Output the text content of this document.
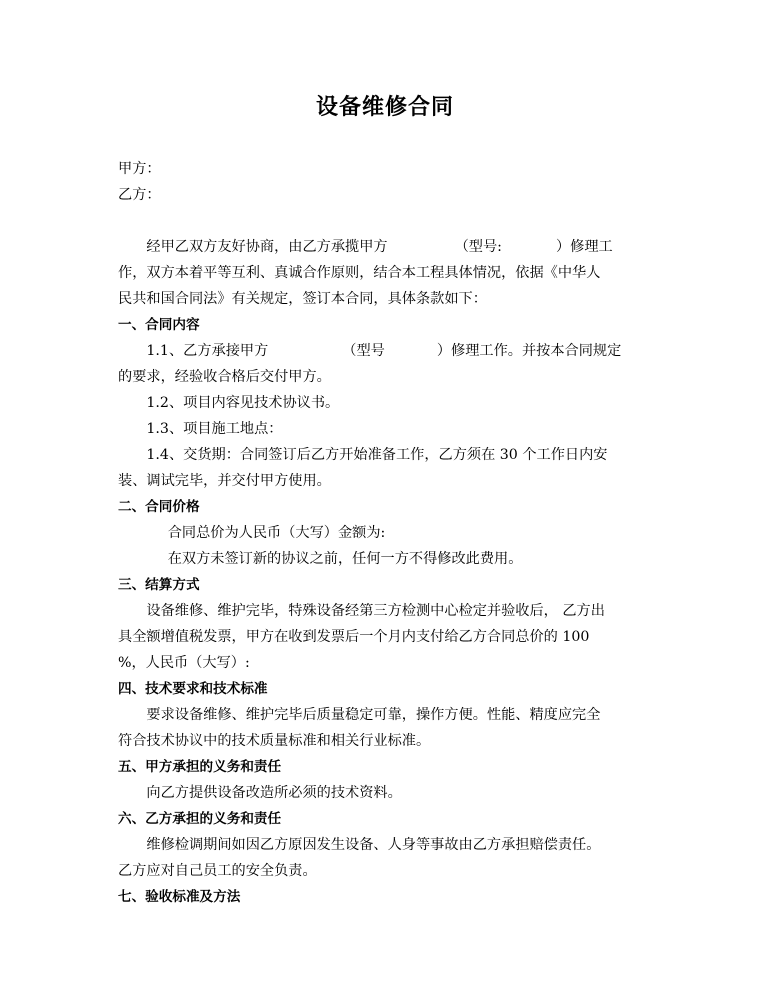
设备维修合同
甲方：
乙方：
经甲乙双方友好协商，由乙方承揽甲方	（型号:	）修理工
作，双方本着平等互利、真诚合作原则，结合本工程具体情况，依据《中华人
民共和国合同法》有关规定，签订本合同，具体条款如下：
一、合同内容
1.1、乙方承接甲方	（型号	）修理工作。并按本合同规定
的要求，经验收合格后交付甲方。
1.2、项目内容见技术协议书。
1.3、项目施工地点：
1.4、交货期：合同签订后乙方开始准备工作，乙方须在 30 个工作日内安
装、调试完毕，并交付甲方使用。
二、合同价格
合同总价为人民币（大写）金额为:
在双方未签订新的协议之前，任何一方不得修改此费用。
三、结算方式
设备维修、维护完毕，特殊设备经第三方检测中心检定并验收后， 乙方出
具全额增值税发票，甲方在收到发票后一个月内支付给乙方合同总价的 100
%，人民币（大写）:
四、技术要求和技术标准
要求设备维修、维护完毕后质量稳定可靠，操作方便。性能、精度应完全
符合技术协议中的技术质量标准和相关行业标准。
五、甲方承担的义务和责任
向乙方提供设备改造所必须的技术资料。
六、乙方承担的义务和责任
维修检调期间如因乙方原因发生设备、人身等事故由乙方承担赔偿责任。
乙方应对自己员工的安全负责。
七、验收标准及方法
